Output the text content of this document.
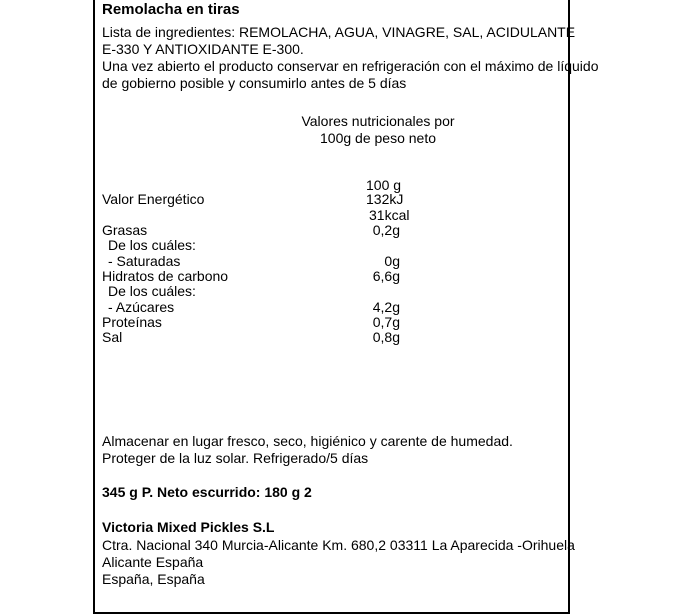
Remolacha en tiras
Lista de ingredientes: REMOLACHA, AGUA, VINAGRE, SAL, ACIDULANTE
E-330 Y ANTIOXIDANTE E-300.
Una vez abierto el producto conservar en refrigeración con el máximo de líquido
de gobierno posible y consumirlo antes de 5 días
Valores nutricionales por
100g de peso neto
100 g
Valor Energético	132kJ
31kcal
Grasas	0,2g
De los cuáles:
- Saturadas	0g
Hidratos de carbono	6,6g
De los cuáles:
- Azúcares	4,2g
Proteínas	0,7g
Sal	0,8g
Almacenar en lugar fresco, seco, higiénico y carente de humedad.
Proteger de la luz solar. Refrigerado/5 días
345 g P. Neto escurrido: 180 g 2
Victoria Mixed Pickles S.L
Ctra. Nacional 340 Murcia-Alicante Km. 680,2 03311 La Aparecida -Orihuela
Alicante España
España, España
